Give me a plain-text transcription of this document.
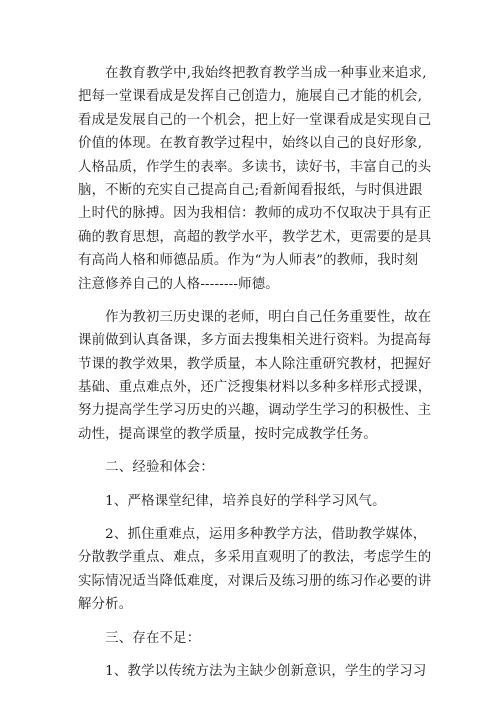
　　在教育教学中,我始终把教育教学当成一种事业来追求,
把每一堂课看成是发挥自己创造力，施展自己才能的机会,
看成是发展自己的一个机会，把上好一堂课看成是实现自己
价值的体现。在教育教学过程中，始终以自己的良好形象,
人格品质，作学生的表率。多读书，读好书，丰富自己的头
脑，不断的充实自己提高自己;看新闻看报纸，与时俱进跟
上时代的脉搏。因为我相信：教师的成功不仅取决于具有正
确的教育思想，高超的教学水平，教学艺术，更需要的是具
有高尚人格和师德品质。作为“为人师表”的教师，我时刻
注意修养自己的人格--------师德。
　　作为教初三历史课的老师，明白自己任务重要性，故在
课前做到认真备课，多方面去搜集相关进行资料。为提高每
节课的教学效果，教学质量，本人除注重研究教材，把握好
基础、重点难点外，还广泛搜集材料以多种多样形式授课，
努力提高学生学习历史的兴趣，调动学生学习的积极性、主
动性，提高课堂的教学质量，按时完成教学任务。
　　二、经验和体会：
　　1、严格课堂纪律，培养良好的学科学习风气。
　　2、抓住重难点，运用多种教学方法，借助教学媒体，
分散教学重点、难点，多采用直观明了的教法，考虑学生的
实际情况适当降低难度，对课后及练习册的练习作必要的讲
解分析。
　　三、存在不足：
　　1、教学以传统方法为主缺少创新意识，学生的学习习
